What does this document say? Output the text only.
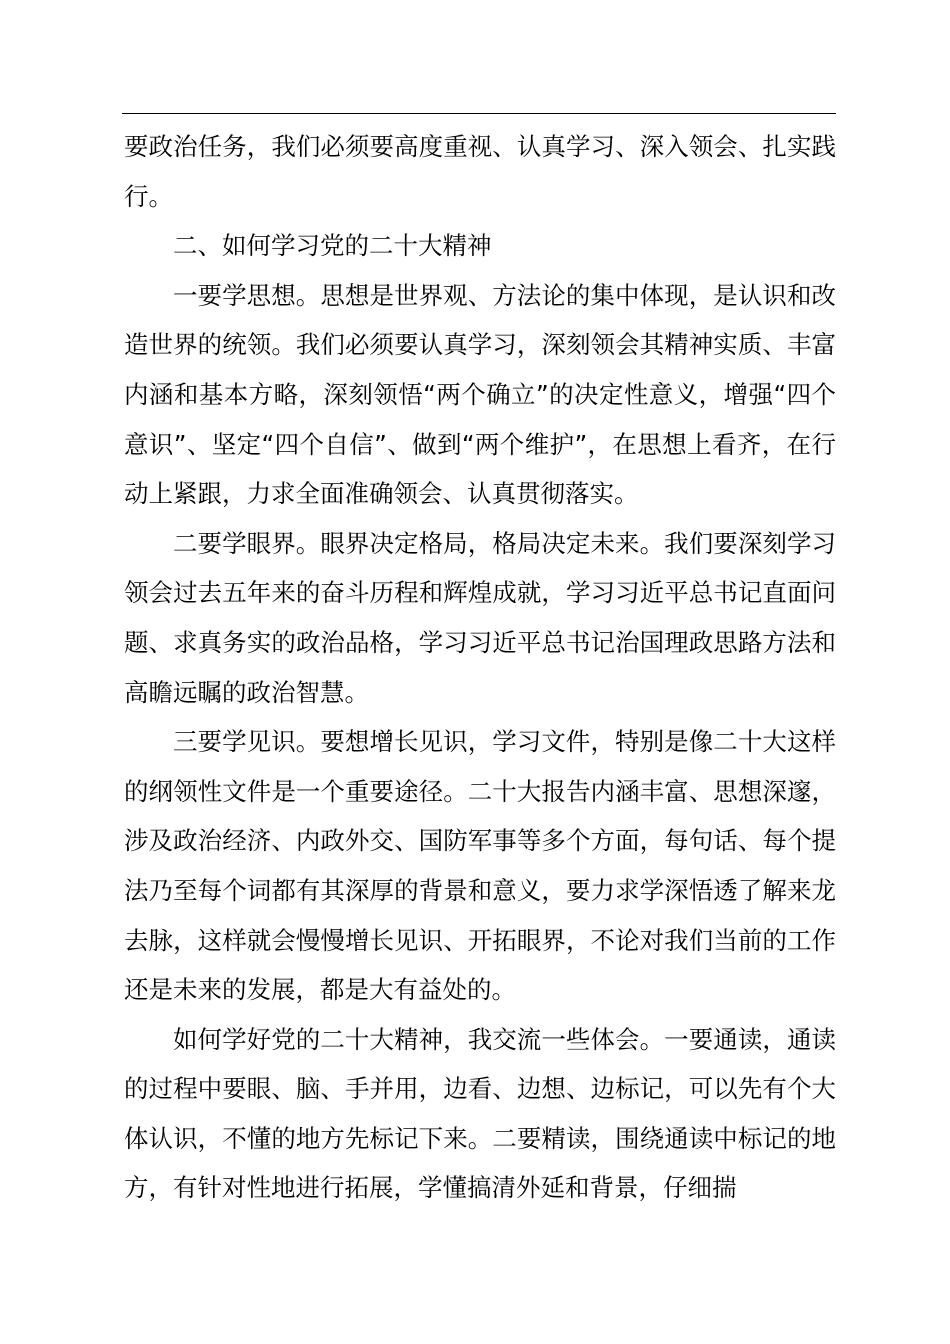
要政治任务，我们必须要高度重视、认真学习、深入领会、扎实践行。

二、如何学习党的二十大精神

一要学思想。思想是世界观、方法论的集中体现，是认识和改造世界的统领。我们必须要认真学习，深刻领会其精神实质、丰富内涵和基本方略，深刻领悟“两个确立”的决定性意义，增强“四个意识”、坚定“四个自信”、做到“两个维护”，在思想上看齐，在行动上紧跟，力求全面准确领会、认真贯彻落实。

二要学眼界。眼界决定格局，格局决定未来。我们要深刻学习领会过去五年来的奋斗历程和辉煌成就，学习习近平总书记直面问题、求真务实的政治品格，学习习近平总书记治国理政思路方法和高瞻远瞩的政治智慧。

三要学见识。要想增长见识，学习文件，特别是像二十大这样的纲领性文件是一个重要途径。二十大报告内涵丰富、思想深邃，涉及政治经济、内政外交、国防军事等多个方面，每句话、每个提法乃至每个词都有其深厚的背景和意义，要力求学深悟透了解来龙去脉，这样就会慢慢增长见识、开拓眼界，不论对我们当前的工作还是未来的发展，都是大有益处的。

如何学好党的二十大精神，我交流一些体会。一要通读，通读的过程中要眼、脑、手并用，边看、边想、边标记，可以先有个大体认识，不懂的地方先标记下来。二要精读，围绕通读中标记的地方，有针对性地进行拓展，学懂搞清外延和背景，仔细揣
